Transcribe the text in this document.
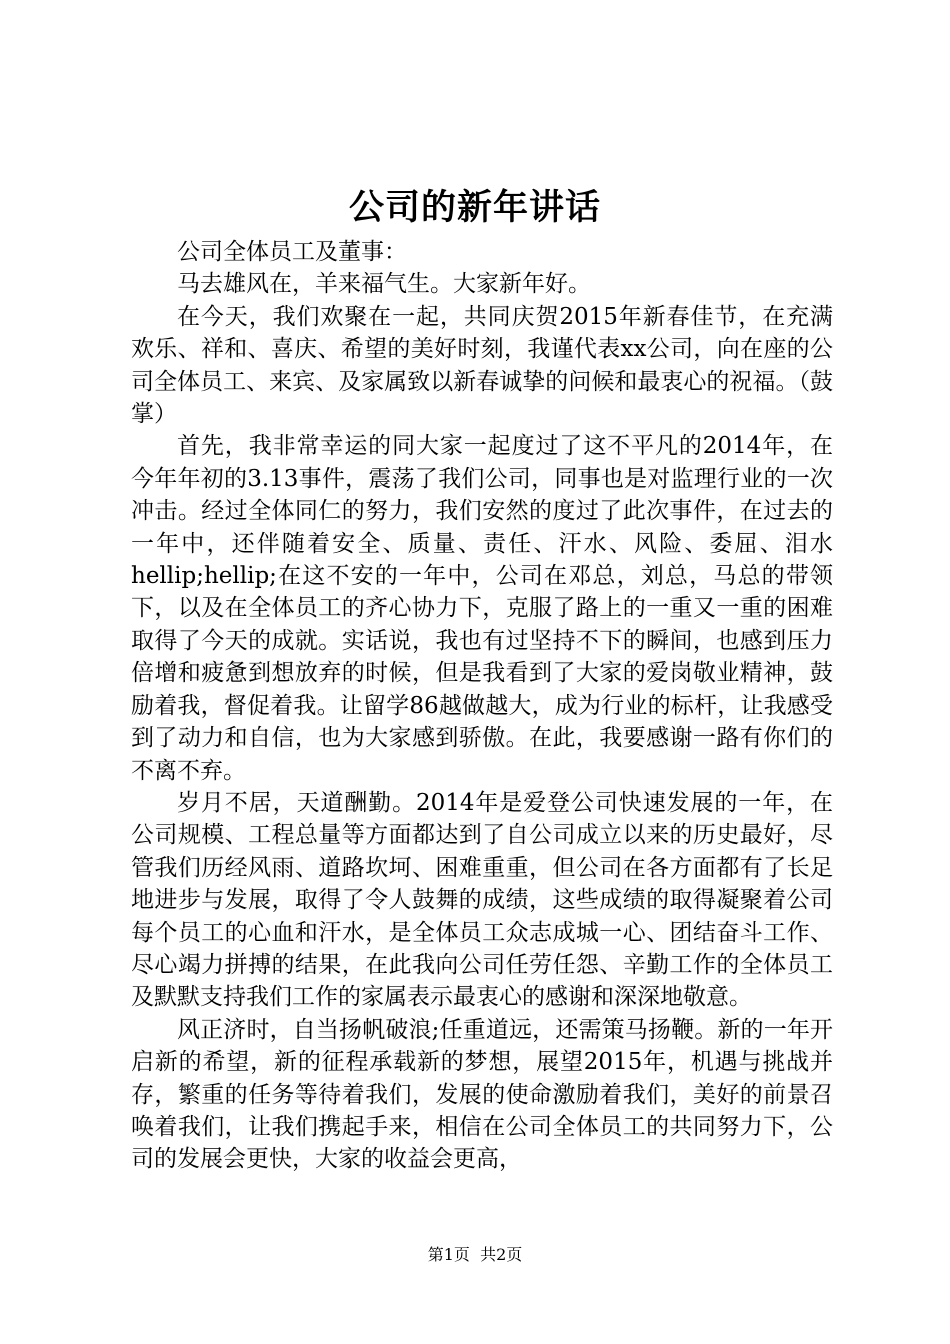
公司的新年讲话

公司全体员工及董事：

马去雄风在，羊来福气生。大家新年好。

在今天，我们欢聚在一起，共同庆贺2015年新春佳节，在充满欢乐、祥和、喜庆、希望的美好时刻，我谨代表xx公司，向在座的公司全体员工、来宾、及家属致以新春诚挚的问候和最衷心的祝福。（鼓掌）

首先，我非常幸运的同大家一起度过了这不平凡的2014年，在今年年初的3.13事件，震荡了我们公司，同事也是对监理行业的一次冲击。经过全体同仁的努力，我们安然的度过了此次事件，在过去的一年中，还伴随着安全、质量、责任、汗水、风险、委屈、泪水hellip;hellip;在这不安的一年中，公司在邓总，刘总，马总的带领下，以及在全体员工的齐心协力下，克服了路上的一重又一重的困难取得了今天的成就。实话说，我也有过坚持不下的瞬间，也感到压力倍增和疲惫到想放弃的时候，但是我看到了大家的爱岗敬业精神，鼓励着我，督促着我。让留学86越做越大，成为行业的标杆，让我感受到了动力和自信，也为大家感到骄傲。在此，我要感谢一路有你们的不离不弃。

岁月不居，天道酬勤。2014年是爱登公司快速发展的一年，在公司规模、工程总量等方面都达到了自公司成立以来的历史最好，尽管我们历经风雨、道路坎坷、困难重重，但公司在各方面都有了长足地进步与发展，取得了令人鼓舞的成绩，这些成绩的取得凝聚着公司每个员工的心血和汗水，是全体员工众志成城一心、团结奋斗工作、尽心竭力拼搏的结果，在此我向公司任劳任怨、辛勤工作的全体员工及默默支持我们工作的家属表示最衷心的感谢和深深地敬意。

风正济时，自当扬帆破浪;任重道远，还需策马扬鞭。新的一年开启新的希望，新的征程承载新的梦想，展望2015年，机遇与挑战并存，繁重的任务等待着我们，发展的使命激励着我们，美好的前景召唤着我们，让我们携起手来，相信在公司全体员工的共同努力下，公司的发展会更快，大家的收益会更高，

第1页  共2页
